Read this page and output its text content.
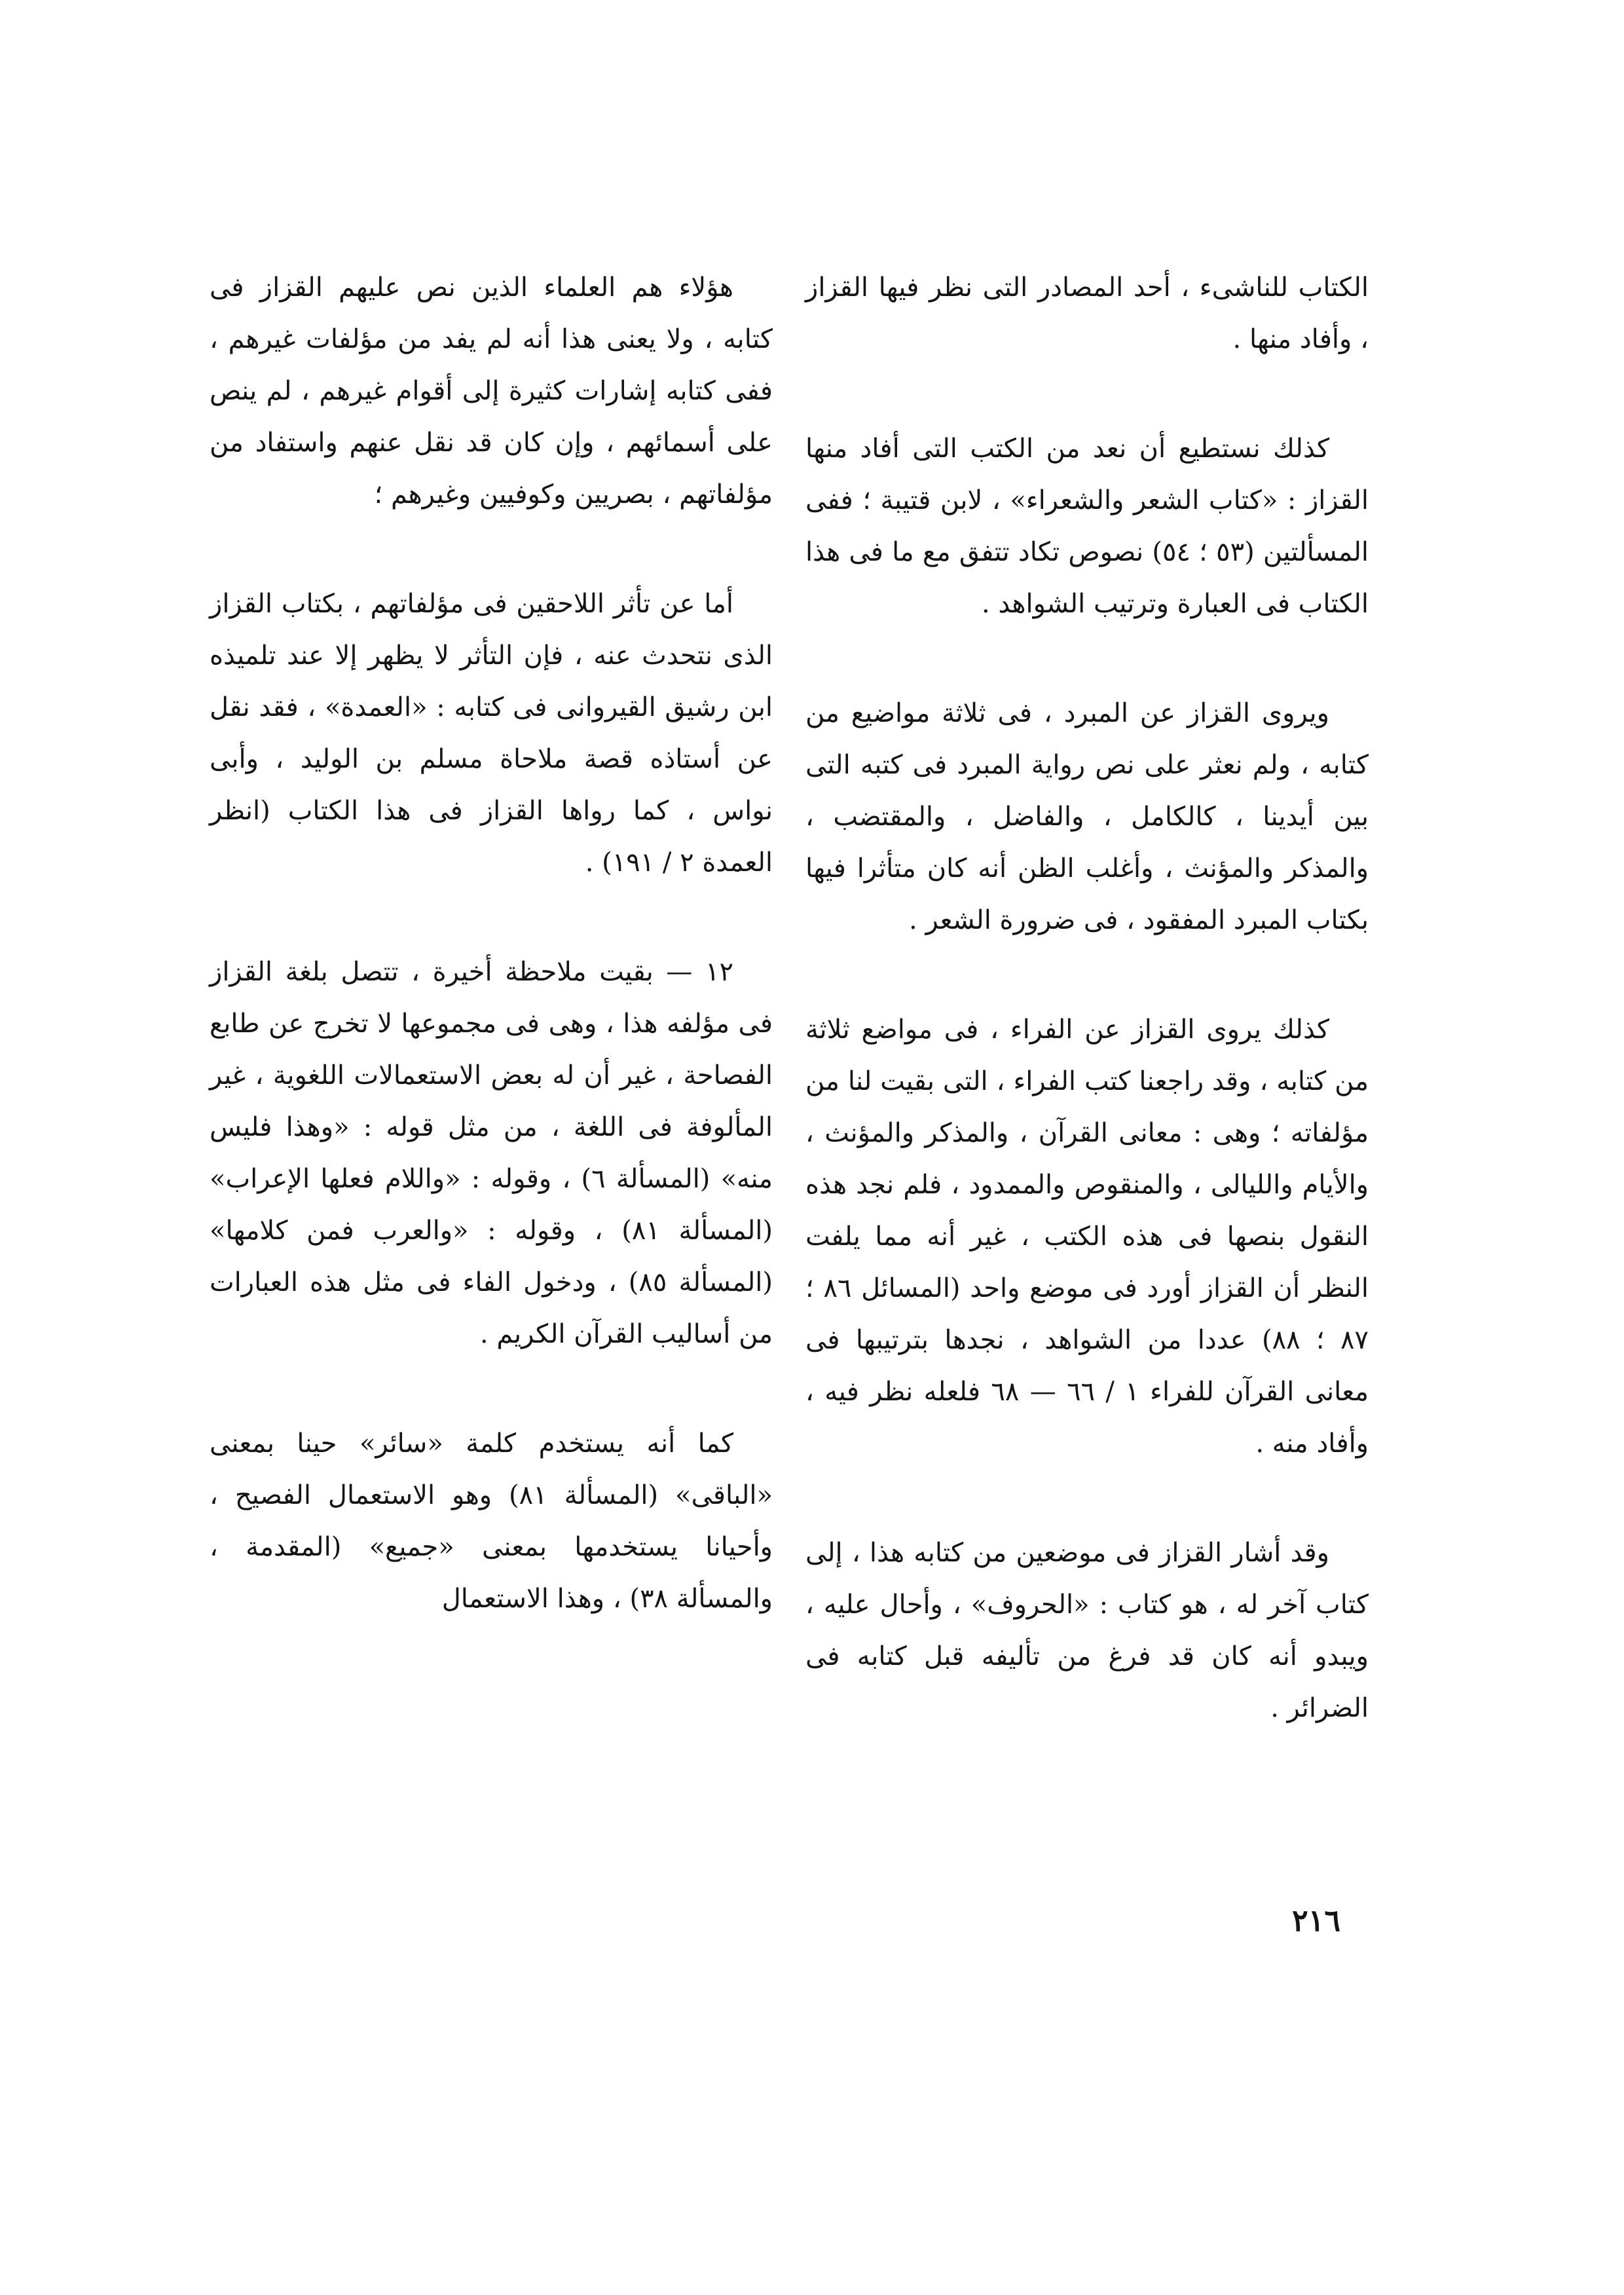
الكتاب للناشىء ، أحد المصادر التى نظر فيها القزاز ، وأفاد منها .

كذلك نستطيع أن نعد من الكتب التى أفاد منها القزاز : «كتاب الشعر والشعراء» ، لابن قتيبة ؛ ففى المسألتين (٥٣ ؛ ٥٤) نصوص تكاد تتفق مع ما فى هذا الكتاب فى العبارة وترتيب الشواهد .

ويروى القزاز عن المبرد ، فى ثلاثة مواضيع من كتابه ، ولم نعثر على نص رواية المبرد فى كتبه التى بين أيدينا ، كالكامل ، والفاضل ، والمقتضب ، والمذكر والمؤنث ، وأغلب الظن أنه كان متأثرا فيها بكتاب المبرد المفقود ، فى ضرورة الشعر .

كذلك يروى القزاز عن الفراء ، فى مواضع ثلاثة من كتابه ، وقد راجعنا كتب الفراء ، التى بقيت لنا من مؤلفاته ؛ وهى : معانى القرآن ، والمذكر والمؤنث ، والأيام والليالى ، والمنقوص والممدود ، فلم نجد هذه النقول بنصها فى هذه الكتب ، غير أنه مما يلفت النظر أن القزاز أورد فى موضع واحد (المسائل ٨٦ ؛ ٨٧ ؛ ٨٨) عددا من الشواهد ، نجدها بترتيبها فى معانى القرآن للفراء ١ / ٦٦ — ٦٨ فلعله نظر فيه ، وأفاد منه .

وقد أشار القزاز فى موضعين من كتابه هذا ، إلى كتاب آخر له ، هو كتاب : «الحروف» ، وأحال عليه ، ويبدو أنه كان قد فرغ من تأليفه قبل كتابه فى الضرائر .

هؤلاء هم العلماء الذين نص عليهم القزاز فى كتابه ، ولا يعنى هذا أنه لم يفد من مؤلفات غيرهم ، ففى كتابه إشارات كثيرة إلى أقوام غيرهم ، لم ينص على أسمائهم ، وإن كان قد نقل عنهم واستفاد من مؤلفاتهم ، بصريين وكوفيين وغيرهم ؛

أما عن تأثر اللاحقين فى مؤلفاتهم ، بكتاب القزاز الذى نتحدث عنه ، فإن التأثر لا يظهر إلا عند تلميذه ابن رشيق القيروانى فى كتابه : «العمدة» ، فقد نقل عن أستاذه قصة ملاحاة مسلم بن الوليد ، وأبى نواس ، كما رواها القزاز فى هذا الكتاب (انظر العمدة ٢ / ١٩١) .

١٢ — بقيت ملاحظة أخيرة ، تتصل بلغة القزاز فى مؤلفه هذا ، وهى فى مجموعها لا تخرج عن طابع الفصاحة ، غير أن له بعض الاستعمالات اللغوية ، غير المألوفة فى اللغة ، من مثل قوله : «وهذا فليس منه» (المسألة ٦) ، وقوله : «واللام فعلها الإعراب» (المسألة ٨١) ، وقوله : «والعرب فمن كلامها» (المسألة ٨٥) ، ودخول الفاء فى مثل هذه العبارات من أساليب القرآن الكريم .

كما أنه يستخدم كلمة «سائر» حينا بمعنى «الباقى» (المسألة ٨١) وهو الاستعمال الفصيح ، وأحيانا يستخدمها بمعنى «جميع» (المقدمة ، والمسألة ٣٨) ، وهذا الاستعمال

٢١٦
